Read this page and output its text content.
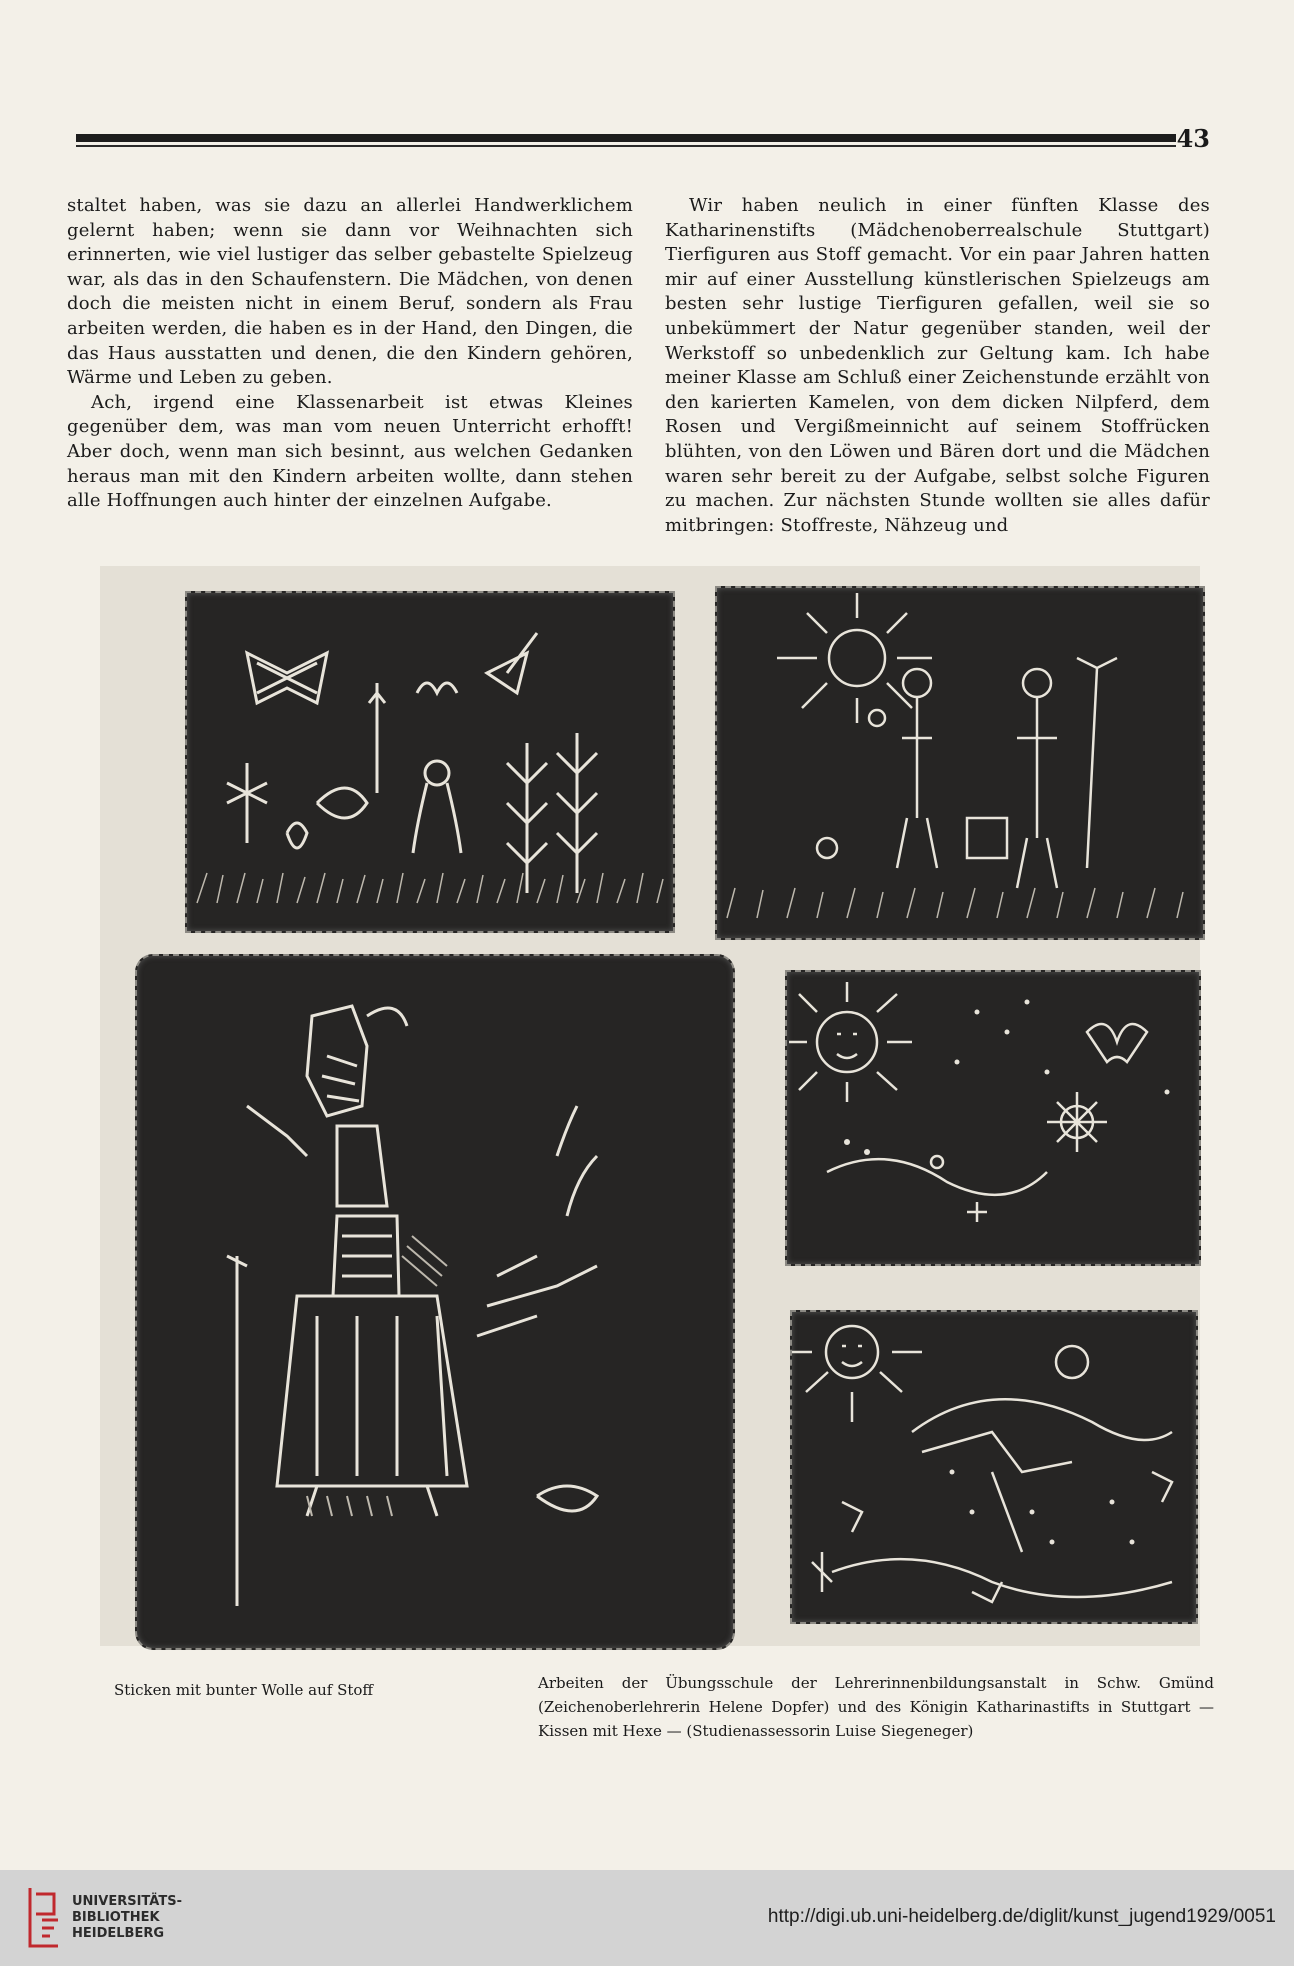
43

staltet haben, was sie dazu an allerlei Handwerklichem gelernt haben; wenn sie dann vor Weihnachten sich erinnerten, wie viel lustiger das selber gebastelte Spielzeug war, als das in den Schaufenstern. Die Mädchen, von denen doch die meisten nicht in einem Beruf, sondern als Frau arbeiten werden, die haben es in der Hand, den Dingen, die das Haus ausstatten und denen, die den Kindern gehören, Wärme und Leben zu geben.

Ach, irgend eine Klassenarbeit ist etwas Kleines gegenüber dem, was man vom neuen Unterricht erhofft! Aber doch, wenn man sich besinnt, aus welchen Gedanken heraus man mit den Kindern arbeiten wollte, dann stehen alle Hoffnungen auch hinter der einzelnen Aufgabe.

Wir haben neulich in einer fünften Klasse des Katharinenstifts (Mädchenoberrealschule Stuttgart) Tierfiguren aus Stoff gemacht. Vor ein paar Jahren hatten mir auf einer Ausstellung künstlerischen Spielzeugs am besten sehr lustige Tierfiguren gefallen, weil sie so unbekümmert der Natur gegenüber standen, weil der Werkstoff so unbedenklich zur Geltung kam. Ich habe meiner Klasse am Schluß einer Zeichenstunde erzählt von den karierten Kamelen, von dem dicken Nilpferd, dem Rosen und Vergißmeinnicht auf seinem Stoffrücken blühten, von den Löwen und Bären dort und die Mädchen waren sehr bereit zu der Aufgabe, selbst solche Figuren zu machen. Zur nächsten Stunde wollten sie alles dafür mitbringen: Stoffreste, Nähzeug und

Sticken mit bunter Wolle auf Stoff	Arbeiten der Übungsschule der Lehrerinnenbildungsanstalt in Schw. Gmünd (Zeichenoberlehrerin Helene Dopfer) und des Königin Katharinastifts in Stuttgart — Kissen mit Hexe — (Studienassessorin Luise Siegeneger)
UNIVERSITÄTS-
BIBLIOTHEK
HEIDELBERG
http://digi.ub.uni-heidelberg.de/diglit/kunst_jugend1929/0051
